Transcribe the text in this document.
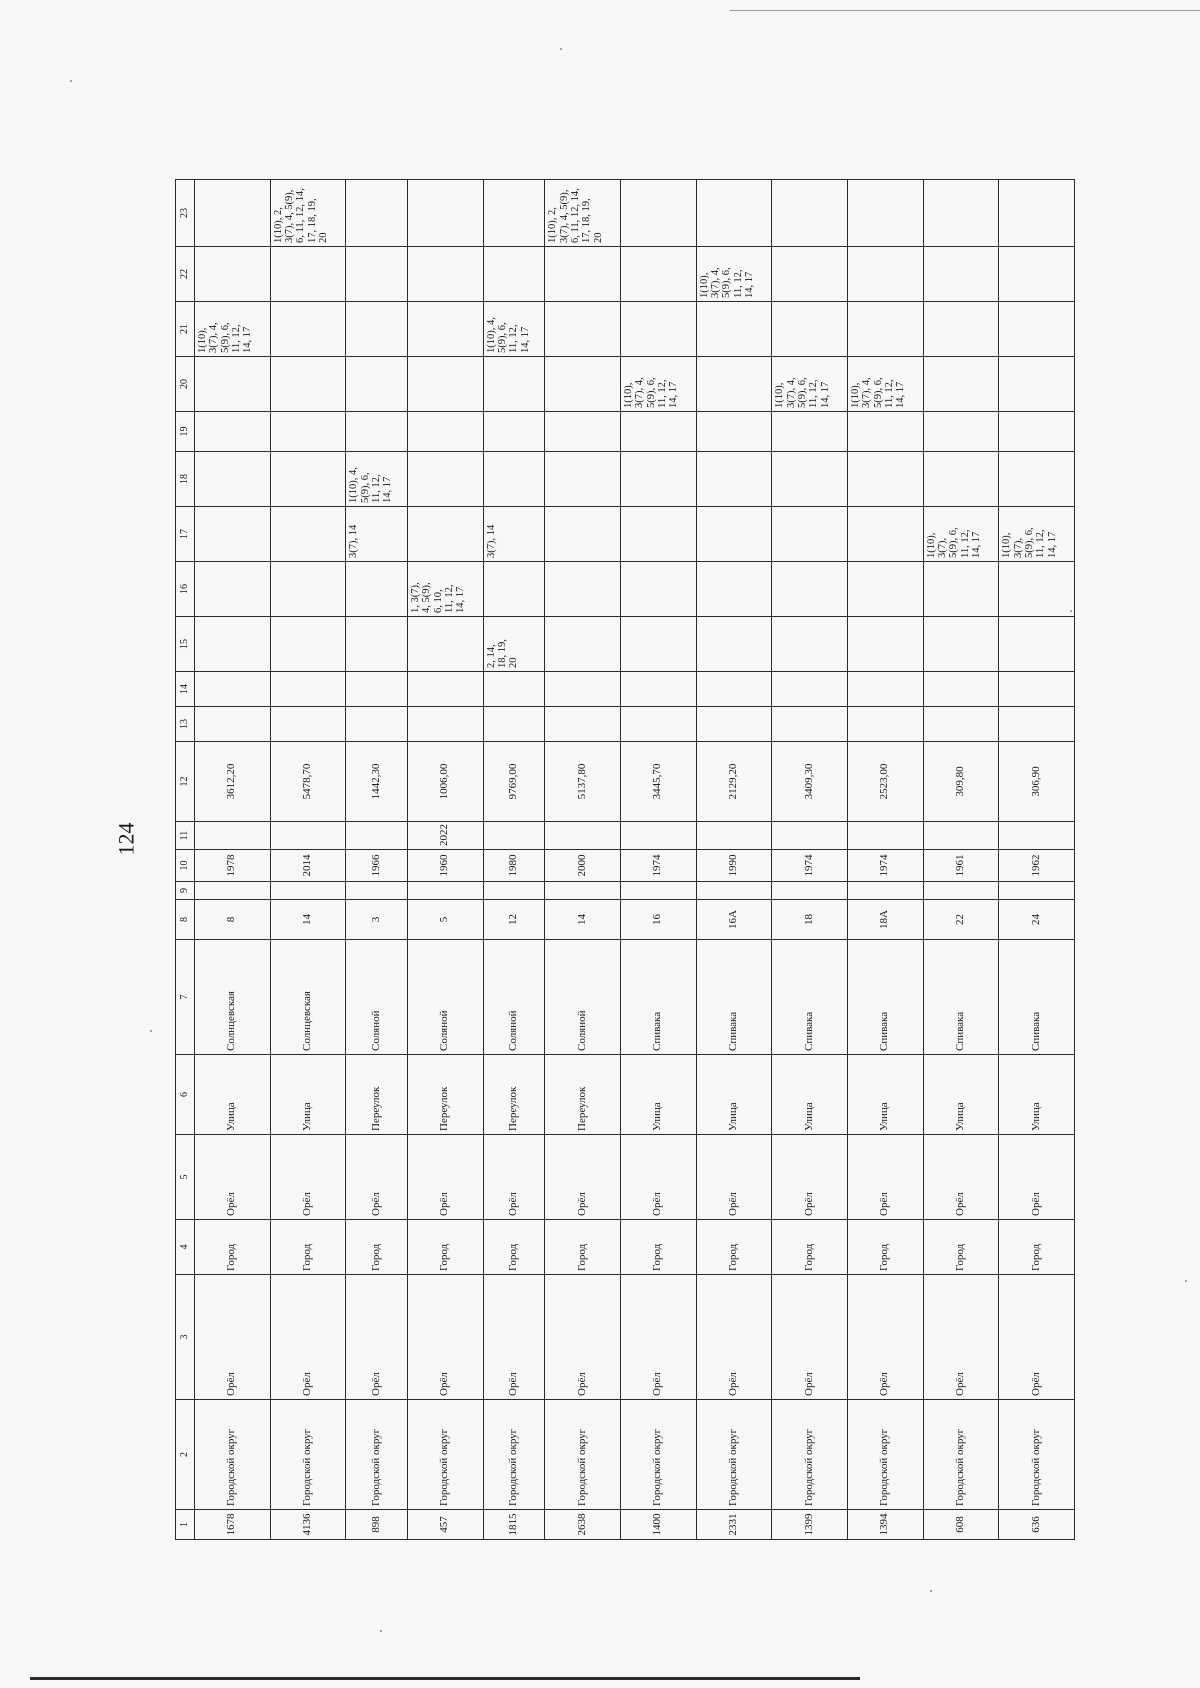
124
1	2	3	4	5	6	7	8	9	10	11	12	13	14	15	16	17	18	19	20	21	22	23
1678	Городской округ	Орёл	Город	Орёл	Улица	Солнцевская	8		1978		3612,20									1(10),
3(7), 4,
5(9), 6,
11, 12,
14, 17		
4136	Городской округ	Орёл	Город	Орёл	Улица	Солнцевская	14		2014		5478,70											1(10), 2,
3(7), 4, 5(9),
6, 11, 12, 14,
17, 18, 19,
20
898	Городской округ	Орёл	Город	Орёл	Переулок	Соляной	3		1966		1442,30					3(7), 14	1(10), 4,
5(9), 6,
11, 12,
14, 17					
457	Городской округ	Орёл	Город	Орёл	Переулок	Соляной	5		1960	2022	1006,00				1, 3(7),
4, 5(9),
6, 10,
11, 12,
14, 17							
1815	Городской округ	Орёл	Город	Орёл	Переулок	Соляной	12		1980		9769,00			2, 14,
18, 19,
20		3(7), 14				1(10), 4,
5(9), 6,
11, 12,
14, 17		
2638	Городской округ	Орёл	Город	Орёл	Переулок	Соляной	14		2000		5137,80											1(10), 2,
3(7), 4, 5(9),
6, 11, 12, 14,
17, 18, 19,
20
1400	Городской округ	Орёл	Город	Орёл	Улица	Спивака	16		1974		3445,70								1(10),
3(7), 4,
5(9), 6,
11, 12,
14, 17			
2331	Городской округ	Орёл	Город	Орёл	Улица	Спивака	16А		1990		2129,20										1(10),
3(7), 4,
5(9), 6,
11, 12,
14, 17	
1399	Городской округ	Орёл	Город	Орёл	Улица	Спивака	18		1974		3409,30								1(10),
3(7), 4,
5(9), 6,
11, 12,
14, 17			
1394	Городской округ	Орёл	Город	Орёл	Улица	Спивака	18А		1974		2523,00								1(10),
3(7), 4,
5(9), 6,
11, 12,
14, 17			
608	Городской округ	Орёл	Город	Орёл	Улица	Спивака	22		1961		309,80					1(10),
3(7),
5(9), 6,
11, 12,
14, 17						
636	Городской округ	Орёл	Город	Орёл	Улица	Спивака	24		1962		306,90					1(10),
3(7),
5(9), 6,
11, 12,
14, 17						
